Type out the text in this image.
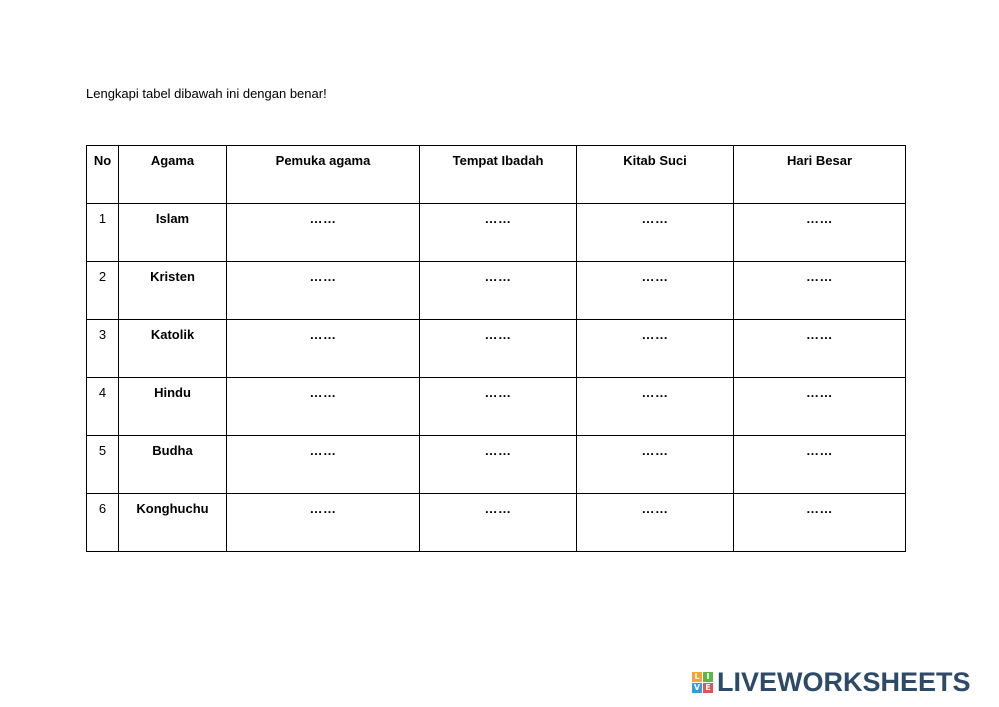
Lengkapi tabel dibawah ini dengan benar!
No	Agama	Pemuka agama	Tempat Ibadah	Kitab Suci	Hari Besar

1	Islam	……	……	……	……

2	Kristen	……	……	……	……

3	Katolik	……	……	……	……

4	Hindu	……	……	……	……

5	Budha	……	……	……	……

6	Konghuchu	……	……	……	……
L I
V E LIVEWORKSHEETS
